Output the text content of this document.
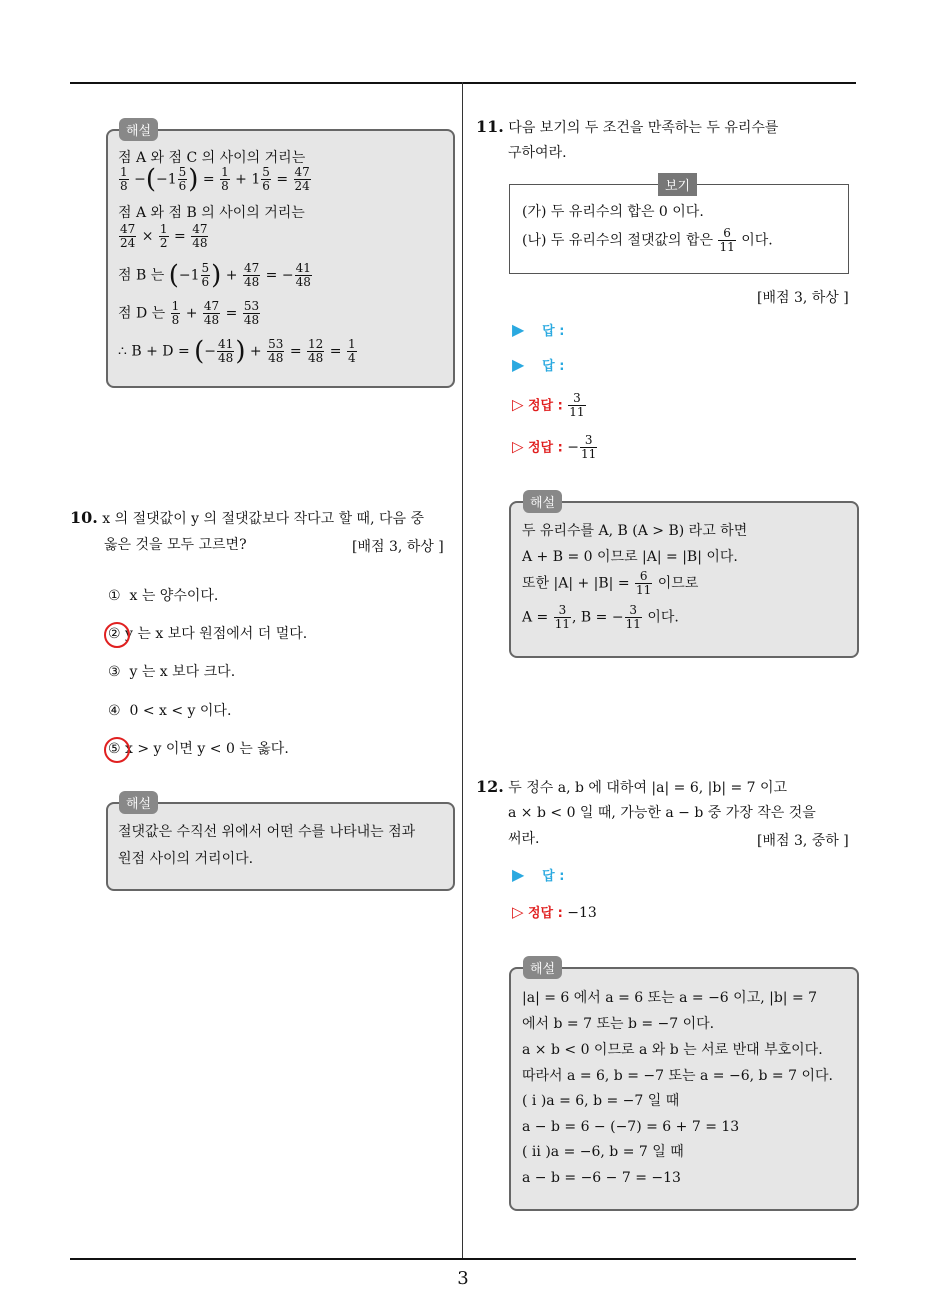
3
해설
점 A 와 점 C 의 사이의 거리는
$\frac{1}{8} -(-1 \frac{5}{6}$ ) = $\frac{1}{8} + 1 \frac{5}{6} = \frac{47}{24}$
점 A 와 점 B 의 사이의 거리는
$\frac{47}{24} \times \frac{1}{2} = \frac{47}{48}$
점 B 는 ($-1 \frac{5}{6}$ ) + $\frac{47}{48}$ = − $\frac{41}{48}$
점 D 는 $\frac{1}{8} + \frac{47}{48} = \frac{53}{48}$
∴ B + D = (− $\frac{41}{48}$ ) + $\frac{53}{48} = \frac{12}{48} = \frac{1}{4}$
10. x 의 절댓값이 y 의 절댓값보다 작다고 할 때, 다음 중
옳은 것을 모두 고르면?	[배점 3, 하상 ]
① x 는 양수이다.
② y 는 x 보다 원점에서 더 멀다.
③ y 는 x 보다 크다.
④ 0 < x < y 이다.
⑤ x > y 이면 y < 0 는 옳다.
해설
절댓값은 수직선 위에서 어떤 수를 나타내는 점과
원점 사이의 거리이다.
11. 다음 보기의 두 조건을 만족하는 두 유리수를
구하여라.
보기
(가) 두 유리수의 합은 0 이다.
(나) 두 유리수의 절댓값의 합은 $\frac{6}{11}$ 이다.
[배점 3, 하상 ]
▶ 답 :
▶ 답 :
▷ 정답 : $\frac{3}{11}$
▷ 정답 : − $\frac{3}{11}$
해설
두 유리수를 A, B (A > B) 라고 하면
A + B = 0 이므로 |A| = |B| 이다.
또한 $|A| + |B| = \frac{6}{11}$ 이므로
$A = \frac{3}{11}$ , B = − $\frac{3}{11}$ 이다.
12. 두 정수 a, b 에 대하여 |a| = 6, |b| = 7 이고
a × b < 0 일 때, 가능한 a − b 중 가장 작은 것을
써라.	[배점 3, 중하 ]
▶ 답 :
▷ 정답 : −13
해설
|a| = 6 에서 a = 6 또는 a = −6 이고, |b| = 7
에서 b = 7 또는 b = −7 이다.
a × b < 0 이므로 a 와 b 는 서로 반대 부호이다.
따라서 a = 6, b = −7 또는 a = −6, b = 7 이다.
( i )a = 6, b = −7 일 때
a − b = 6 − (−7) = 6 + 7 = 13
( ii )a = −6, b = 7 일 때
a − b = −6 − 7 = −13
